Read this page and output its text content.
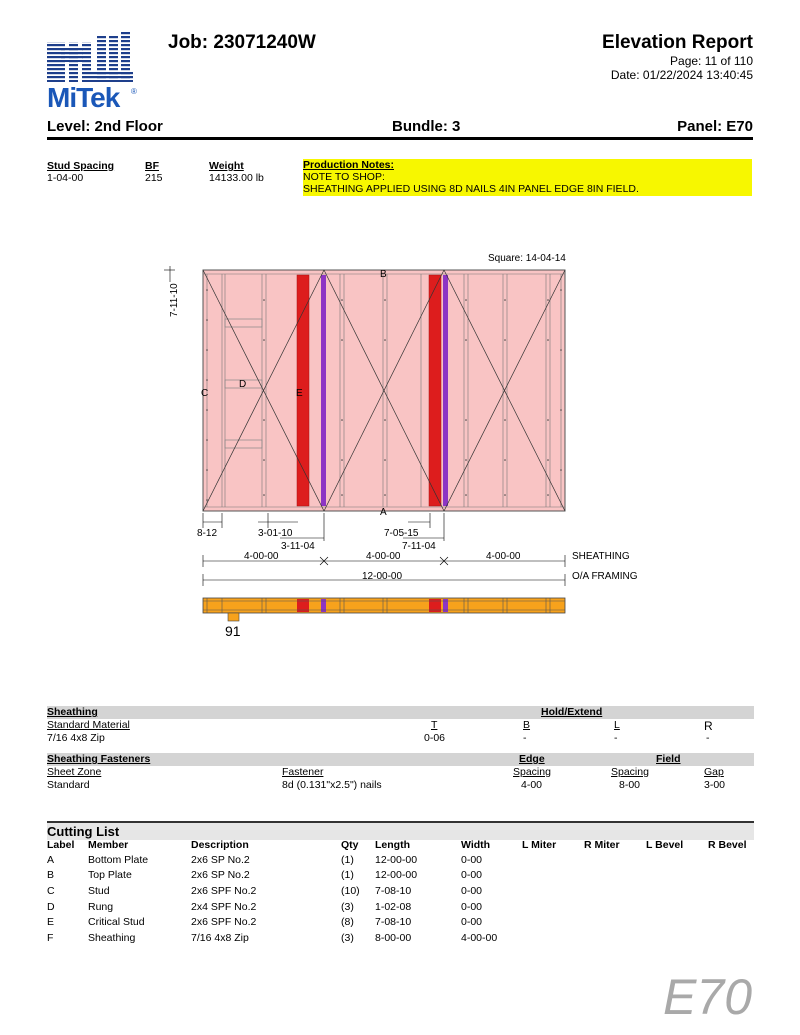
MiTek ®
Job: 23071240W	Elevation Report
Page: 11 of 110
Date: 01/22/2024 13:40:45
Level: 2nd Floor	Bundle: 3	Panel: E70
Stud Spacing
1-04-00
BF
215
Weight
14133.00 lb
Production Notes:
NOTE TO SHOP:
SHEATHING APPLIED USING 8D NAILS 4IN PANEL EDGE 8IN FIELD.
B
A
C
D
E
Square: 14-04-14
7-11-10
8-12	3-01-10
3-11-04
7-05-15
7-11-04
4-00-00	4-00-00	4-00-00	SHEATHING
12-00-00	O/A FRAMING
91
Sheathing	Hold/Extend
Standard Material	T	B	L	R
7/16 4x8 Zip	0-06	-	-	-
Sheathing Fasteners	Edge	Field
Sheet Zone	Fastener	Spacing	Spacing	Gap
Standard	8d (0.131"x2.5") nails	4-00	8-00	3-00
Cutting List
Label	Member	Description	Qty	Length	Width	L Miter	R Miter	L Bevel	R Bevel
A	Bottom Plate	2x6 SP No.2	(1)	12-00-00	0-00				
B	Top Plate	2x6 SP No.2	(1)	12-00-00	0-00				
C	Stud	2x6 SPF No.2	(10)	7-08-10	0-00				
D	Rung	2x4 SPF No.2	(3)	1-02-08	0-00				
E	Critical Stud	2x6 SPF No.2	(8)	7-08-10	0-00				
F	Sheathing	7/16 4x8 Zip	(3)	8-00-00	4-00-00				
E70
